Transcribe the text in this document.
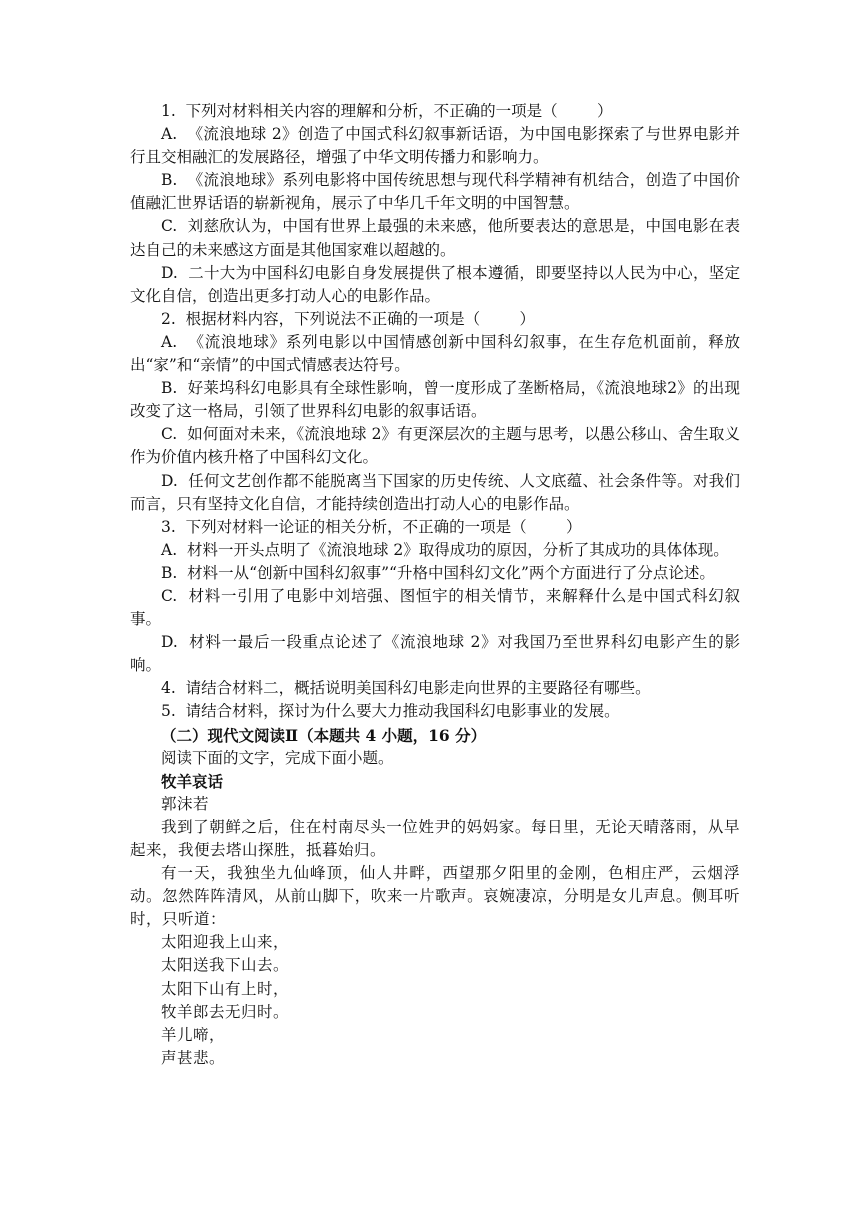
1.  下列对材料相关内容的理解和分析，不正确的一项是（        ）

A.  《流浪地球 2》创造了中国式科幻叙事新话语，为中国电影探索了与世界电影并行且交相融汇的发展路径，增强了中华文明传播力和影响力。

B.  《流浪地球》系列电影将中国传统思想与现代科学精神有机结合，创造了中国价值融汇世界话语的崭新视角，展示了中华几千年文明的中国智慧。

C.  刘慈欣认为，中国有世界上最强的未来感，他所要表达的意思是，中国电影在表达自己的未来感这方面是其他国家难以超越的。

D.  二十大为中国科幻电影自身发展提供了根本遵循，即要坚持以人民为中心，坚定文化自信，创造出更多打动人心的电影作品。

2.  根据材料内容，下列说法不正确的一项是（        ）

A.  《流浪地球》系列电影以中国情感创新中国科幻叙事，在生存危机面前，释放出“家”和“亲情”的中国式情感表达符号。

B.  好莱坞科幻电影具有全球性影响，曾一度形成了垄断格局，《流浪地球2》的出现改变了这一格局，引领了世界科幻电影的叙事话语。

C.  如何面对未来，《流浪地球 2》有更深层次的主题与思考，以愚公移山、舍生取义作为价值内核升格了中国科幻文化。

D.  任何文艺创作都不能脱离当下国家的历史传统、人文底蕴、社会条件等。对我们而言，只有坚持文化自信，才能持续创造出打动人心的电影作品。

3.  下列对材料一论证的相关分析，不正确的一项是（        ）

A.  材料一开头点明了《流浪地球 2》取得成功的原因，分析了其成功的具体体现。

B.  材料一从“创新中国科幻叙事”“升格中国科幻文化”两个方面进行了分点论述。

C.  材料一引用了电影中刘培强、图恒宇的相关情节，来解释什么是中国式科幻叙事。

D.  材料一最后一段重点论述了《流浪地球 2》对我国乃至世界科幻电影产生的影响。

4.  请结合材料二，概括说明美国科幻电影走向世界的主要路径有哪些。

5.  请结合材料，探讨为什么要大力推动我国科幻电影事业的发展。

（二）现代文阅读Ⅱ（本题共 4 小题，16 分）

阅读下面的文字，完成下面小题。

牧羊哀话

郭沫若

我到了朝鲜之后，住在村南尽头一位姓尹的妈妈家。每日里，无论天晴落雨，从早起来，我便去塔山探胜，抵暮始归。

有一天，我独坐九仙峰顶，仙人井畔，西望那夕阳里的金刚，色相庄严，云烟浮动。忽然阵阵清风，从前山脚下，吹来一片歌声。哀婉凄凉，分明是女儿声息。侧耳听时，只听道：

太阳迎我上山来，

太阳送我下山去。

太阳下山有上时，

牧羊郎去无归时。

羊儿啼，

声甚悲。
